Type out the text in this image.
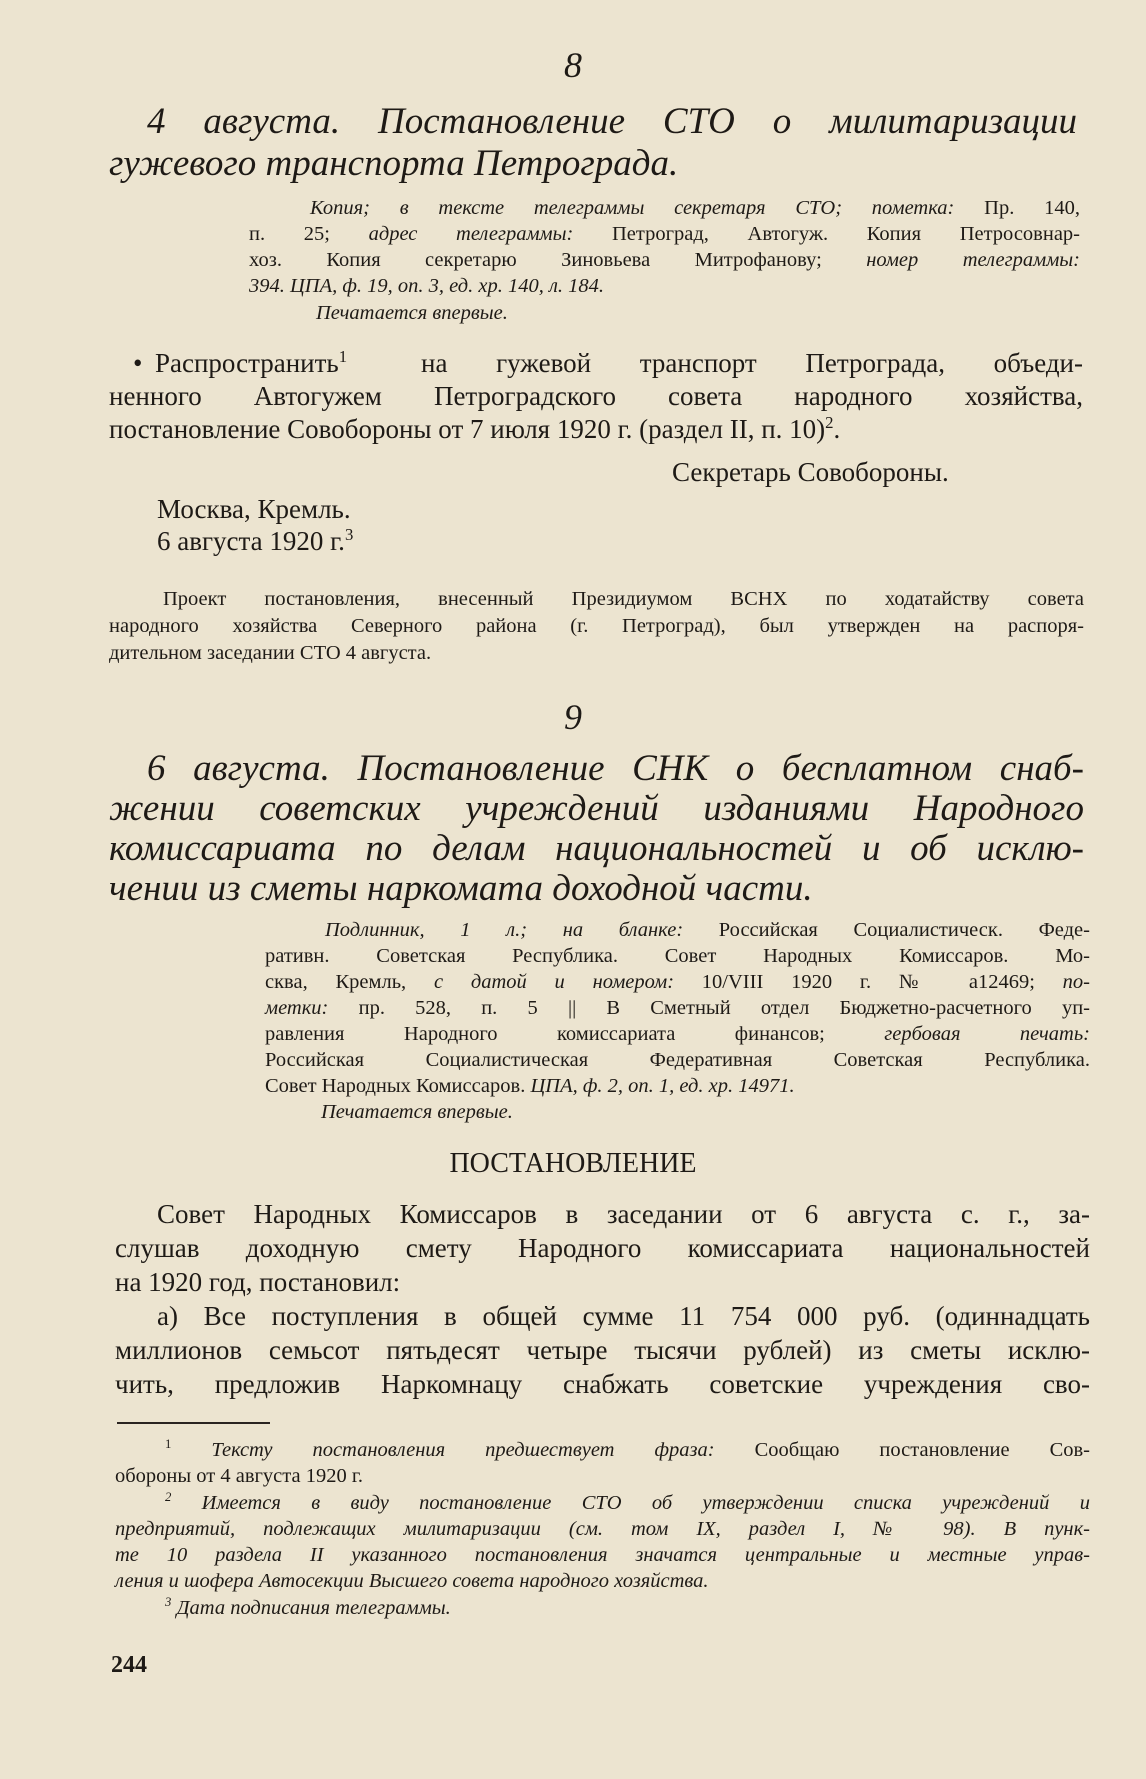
8
4 августа. Постановление СТО о милитаризации
гужевого транспорта Петрограда.
Копия; в тексте телеграммы секретаря СТО; пометка: Пр. 140,
п. 25; адрес телеграммы: Петроград, Автогуж. Копия Петросовнар-
хоз. Копия секретарю Зиновьева Митрофанову; номер телеграммы:
394. ЦПА, ф. 19, оп. 3, ед. хр. 140, л. 184.
Печатается впервые.
• Распространить$^1$	на гужевой транспорт Петрограда, объеди-
ненного Автогужем Петроградского совета народного хозяйства,
постановление Совобороны от 7 июля 1920 г. (раздел II, п. 10)$^2$.
Секретарь Совобороны.
Москва, Кремль.
6 августа 1920 г.$^3$
Проект постановления, внесенный Президиумом ВСНХ по ходатайству совета
народного хозяйства Северного района (г. Петроград), был утвержден на распоря-
дительном заседании СТО 4 августа.
9
6 августа. Постановление СНК о бесплатном снаб-
жении советских учреждений изданиями Народного
комиссариата по делам национальностей и об исклю-
чении из сметы наркомата доходной части.
Подлинник, 1 л.; на бланке: Российская Социалистическ. Феде-
ративн. Советская Республика. Совет Народных Комиссаров. Мо-
сква, Кремль, с датой и номером: 10/VIII 1920 г. № а12469; по-
метки: пр. 528, п. 5 || В Сметный отдел Бюджетно-расчетного уп-
равления Народного комиссариата финансов; гербовая печать:
Российская Социалистическая Федеративная Советская Республика.
Совет Народных Комиссаров. ЦПА, ф. 2, оп. 1, ед. хр. 14971.
Печатается впервые.
ПОСТАНОВЛЕНИЕ
Совет Народных Комиссаров в заседании от 6 августа с. г., за-
слушав доходную смету Народного комиссариата национальностей
на 1920 год, постановил:
а) Все поступления в общей сумме 11 754 000 руб. (одиннадцать
миллионов семьсот пятьдесят четыре тысячи рублей) из сметы исклю-
чить, предложив Наркомнацу снабжать советские учреждения сво-
$^1$ Тексту постановления предшествует фраза: Сообщаю постановление Сов-
обороны от 4 августа 1920 г.
$^2$ Имеется в виду постановление СТО об утверждении списка учреждений и
предприятий, подлежащих милитаризации (см. том IX, раздел I, № 98). В пунк-
те 10 раздела II указанного постановления значатся центральные и местные управ-
ления и шофера Автосекции Высшего совета народного хозяйства.
$^3$ Дата подписания телеграммы.
244
